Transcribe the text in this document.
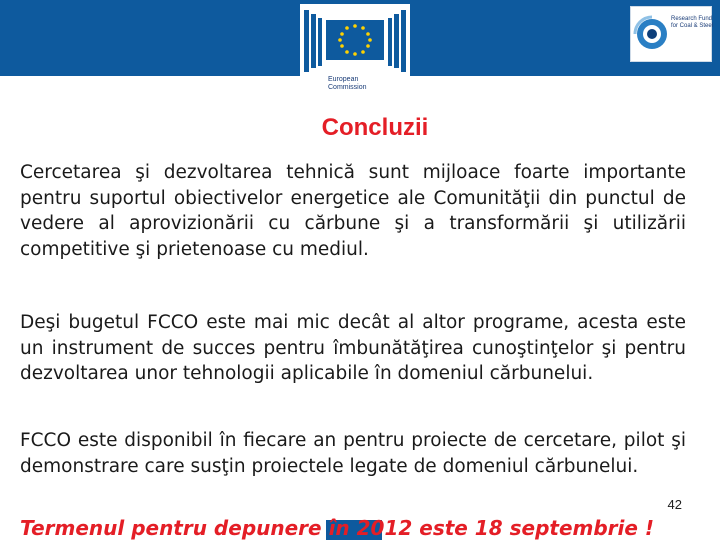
European
Commission
Research Fund
for Coal & Steel
Concluzii

Cercetarea şi dezvoltarea tehnică sunt mijloace foarte importante pentru suportul obiectivelor energetice ale Comunităţii din punctul de vedere al aprovizionării cu cărbune şi a transformării şi utilizării competitive şi prietenoase cu mediul.

Deşi bugetul FCCO este mai mic decât al altor programe, acesta este un instrument de succes pentru îmbunătăţirea cunoştinţelor şi pentru dezvoltarea unor tehnologii aplicabile în domeniul cărbunelui.

FCCO este disponibil în fiecare an pentru proiecte de cercetare, pilot şi demonstrare care susţin proiectele legate de domeniul cărbunelui.

42
Termenul pentru depunere în 2012 este 18 septembrie !
